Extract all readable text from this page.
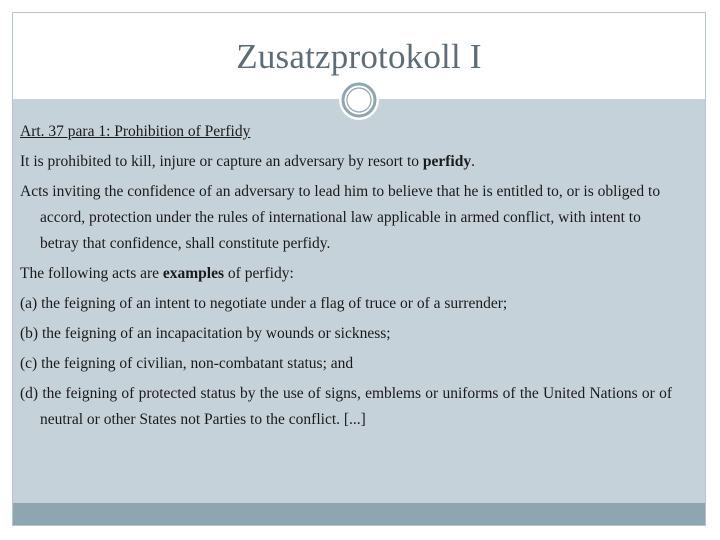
Zusatzprotokoll I

Art. 37 para 1: Prohibition of Perfidy

It is prohibited to kill, injure or capture an adversary by resort to perfidy.

Acts inviting the confidence of an adversary to lead him to believe that he is entitled to, or is obliged to accord, protection under the rules of international law applicable in armed conflict, with intent to betray that confidence, shall constitute perfidy.

The following acts are examples of perfidy:

(a) the feigning of an intent to negotiate under a flag of truce or of a surrender;

(b) the feigning of an incapacitation by wounds or sickness;

(c) the feigning of civilian, non-combatant status; and

(d) the feigning of protected status by the use of signs, emblems or uniforms of the United Nations or of neutral or other States not Parties to the conflict. [...]
